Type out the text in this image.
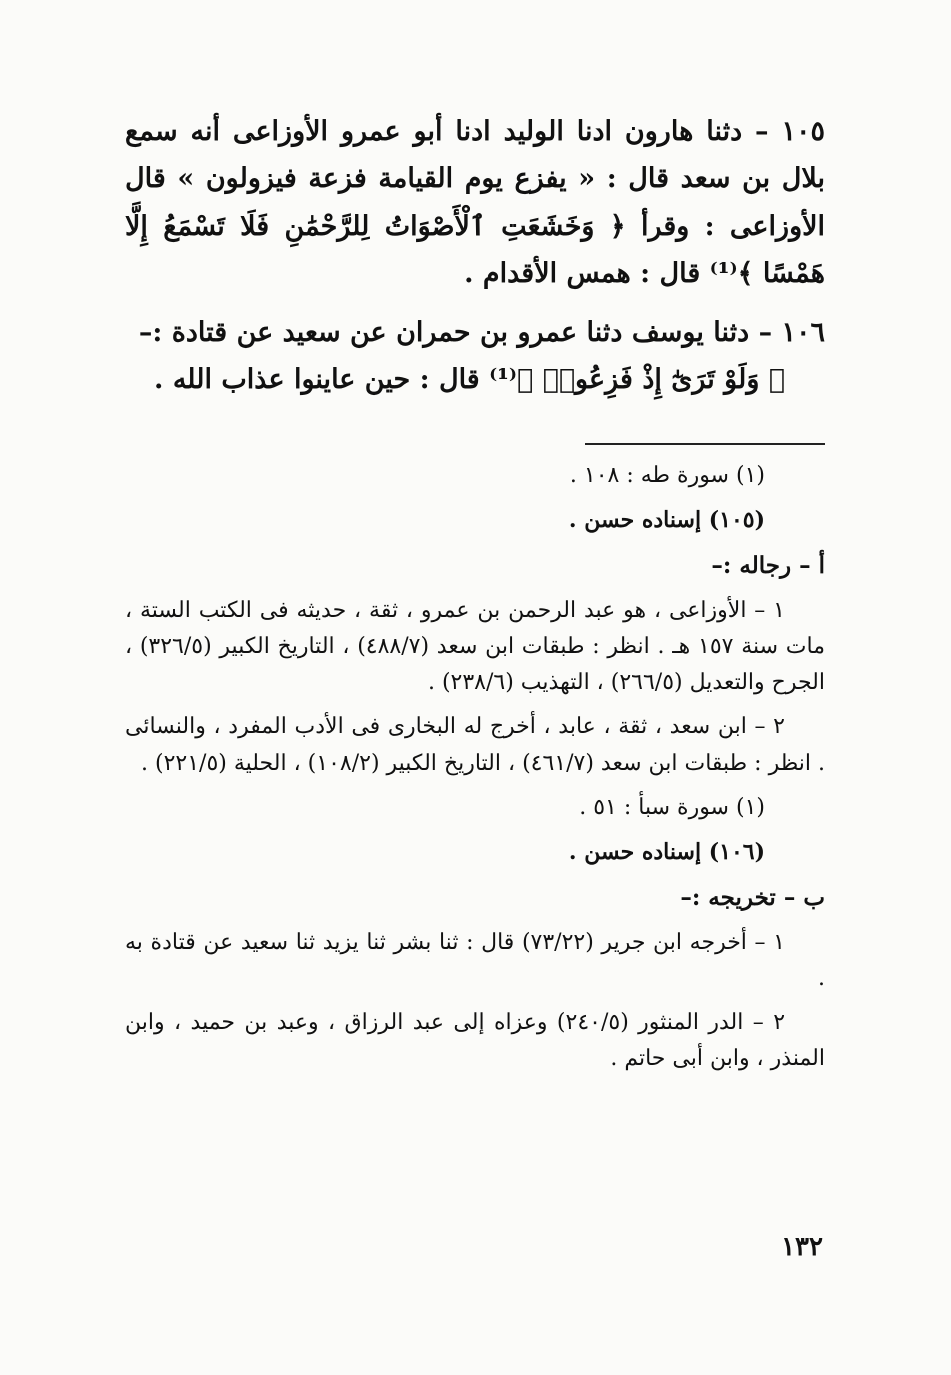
١٠٥ – دثنا هارون ادنا الوليد ادنا أبو عمرو الأوزاعى أنه سمع بلال بن سعد قال : « يفزع يوم القيامة فزعة فيزولون » قال الأوزاعى : وقرأ ﴿ وَخَشَعَتِ ٱلْأَصْوَاتُ لِلرَّحْمَٰنِ فَلَا تَسْمَعُ إِلَّا هَمْسًا ﴾⁽¹⁾ قال : همس الأقدام .

١٠٦ – دثنا يوسف دثنا عمرو بن حمران عن سعيد عن قتادة :–
﴿ وَلَوْ تَرَىٰٓ إِذْ فَزِعُوا۟ ﴾⁽¹⁾ قال : حين عاينوا عذاب الله .

(١) سورة طه : ١٠٨ .

(١٠٥) إسناده حسن .

أ – رجاله :–

١ – الأوزاعى ، هو عبد الرحمن بن عمرو ، ثقة ، حديثه فى الكتب الستة ، مات سنة ١٥٧ هـ . انظر : طبقات ابن سعد (٤٨٨/٧) ، التاريخ الكبير (٣٢٦/٥) ، الجرح والتعديل (٢٦٦/٥) ، التهذيب (٢٣٨/٦) .

٢ – ابن سعد ، ثقة ، عابد ، أخرج له البخارى فى الأدب المفرد ، والنسائى . انظر : طبقات ابن سعد (٤٦١/٧) ، التاريخ الكبير (١٠٨/٢) ، الحلية (٢٢١/٥) .

(١) سورة سبأ : ٥١ .

(١٠٦) إسناده حسن .

ب – تخريجه :–

١ – أخرجه ابن جرير (٧٣/٢٢) قال : ثنا بشر ثنا يزيد ثنا سعيد عن قتادة به .

٢ – الدر المنثور (٢٤٠/٥) وعزاه إلى عبد الرزاق ، وعبد بن حميد ، وابن المنذر ، وابن أبى حاتم .

١٣٢
